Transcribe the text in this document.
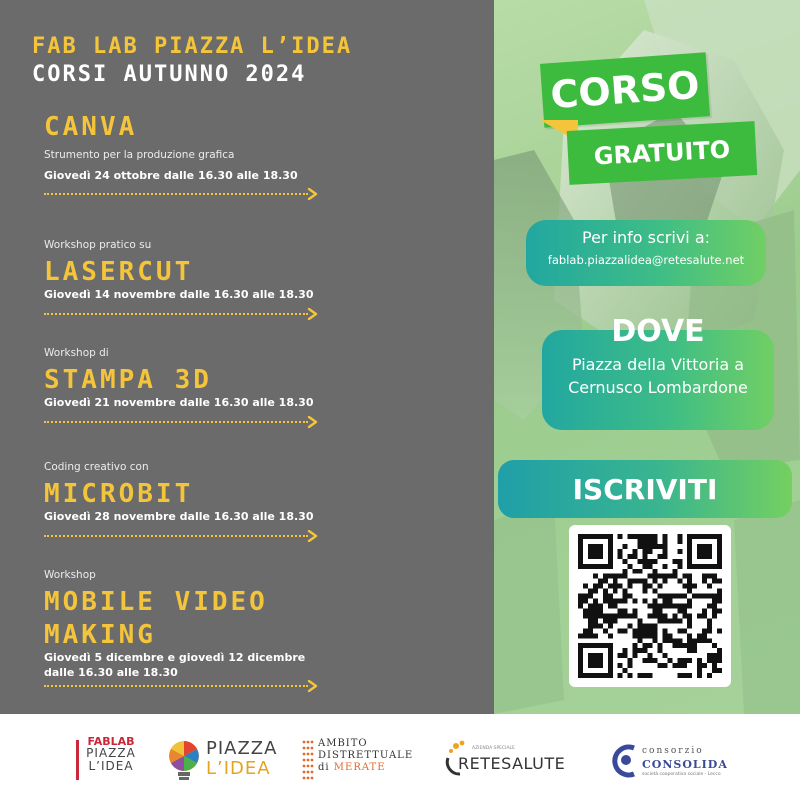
FAB LAB PIAZZA L’IDEA
CORSI AUTUNNO 2024
CANVA
Strumento per la produzione grafica
Giovedì 24 ottobre dalle 16.30 alle 18.30
Workshop pratico su
LASERCUT
Giovedì 14 novembre dalle 16.30 alle 18.30
Workshop di
STAMPA 3D
Giovedì 21 novembre dalle 16.30 alle 18.30
Coding creativo con
MICROBIT
Giovedì 28 novembre dalle 16.30 alle 18.30
Workshop
MOBILE VIDEO
MAKING
Giovedì 5 dicembre e giovedì 12 dicembre
dalle 16.30 alle 18.30
CORSO
GRATUITO
Per info scrivi a:
fablab.piazzalidea@retesalute.net
DOVE
Piazza della Vittoria a
Cernusco Lombardone
ISCRIVITI
FABLAB
PIAZZA
L’IDEA
PIAZZA
L’IDEA
AMBITO
DISTRETTUALE
di MERATE
AZIENDA SPECIALE
RETESALUTE
consorzio
CONSOLIDA
società cooperativa sociale - Lecco
